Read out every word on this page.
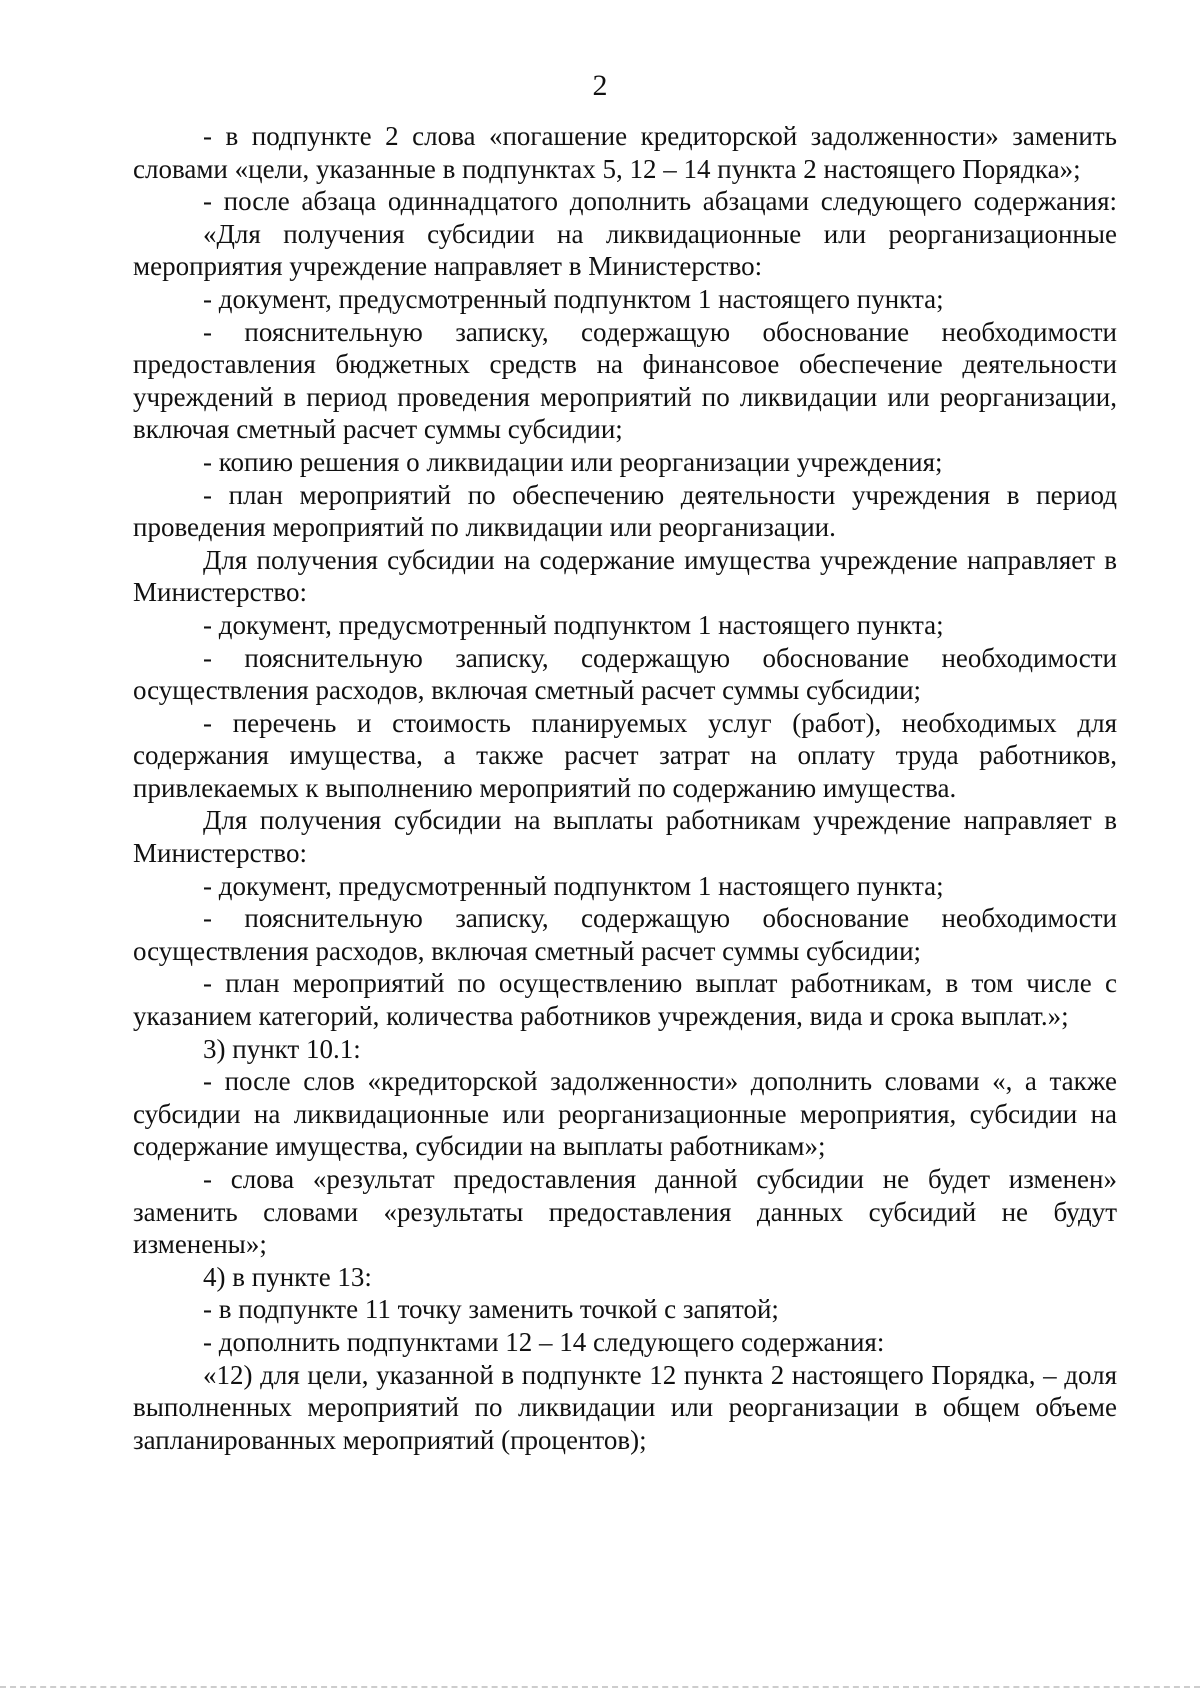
2

- в подпункте 2 слова «погашение кредиторской задолженности» заменить словами «цели, указанные в подпунктах 5, 12 – 14 пункта 2 настоящего Порядка»;

- после абзаца одиннадцатого дополнить абзацами следующего содержания:

«Для получения субсидии на ликвидационные или реорганизационные мероприятия учреждение направляет в Министерство:

- документ, предусмотренный подпунктом 1 настоящего пункта;

- пояснительную записку, содержащую обоснование необходимости предоставления бюджетных средств на финансовое обеспечение деятельности учреждений в период проведения мероприятий по ликвидации или реорганизации, включая сметный расчет суммы субсидии;

- копию решения о ликвидации или реорганизации учреждения;

- план мероприятий по обеспечению деятельности учреждения в период проведения мероприятий по ликвидации или реорганизации.

Для получения субсидии на содержание имущества учреждение направляет в Министерство:

- документ, предусмотренный подпунктом 1 настоящего пункта;

- пояснительную записку, содержащую обоснование необходимости осуществления расходов, включая сметный расчет суммы субсидии;

- перечень и стоимость планируемых услуг (работ), необходимых для содержания имущества, а также расчет затрат на оплату труда работников, привлекаемых к выполнению мероприятий по содержанию имущества.

Для получения субсидии на выплаты работникам учреждение направляет в Министерство:

- документ, предусмотренный подпунктом 1 настоящего пункта;

- пояснительную записку, содержащую обоснование необходимости осуществления расходов, включая сметный расчет суммы субсидии;

- план мероприятий по осуществлению выплат работникам, в том числе с указанием категорий, количества работников учреждения, вида и срока выплат.»;

3) пункт 10.1:

- после слов «кредиторской задолженности» дополнить словами «, а также субсидии на ликвидационные или реорганизационные мероприятия, субсидии на содержание имущества, субсидии на выплаты работникам»;

- слова «результат предоставления данной субсидии не будет изменен» заменить словами «результаты предоставления данных субсидий не будут изменены»;

4) в пункте 13:

- в подпункте 11 точку заменить точкой с запятой;

- дополнить подпунктами 12 – 14 следующего содержания:

«12) для цели, указанной в подпункте 12 пункта 2 настоящего Порядка, – доля выполненных мероприятий по ликвидации или реорганизации в общем объеме запланированных мероприятий (процентов);
